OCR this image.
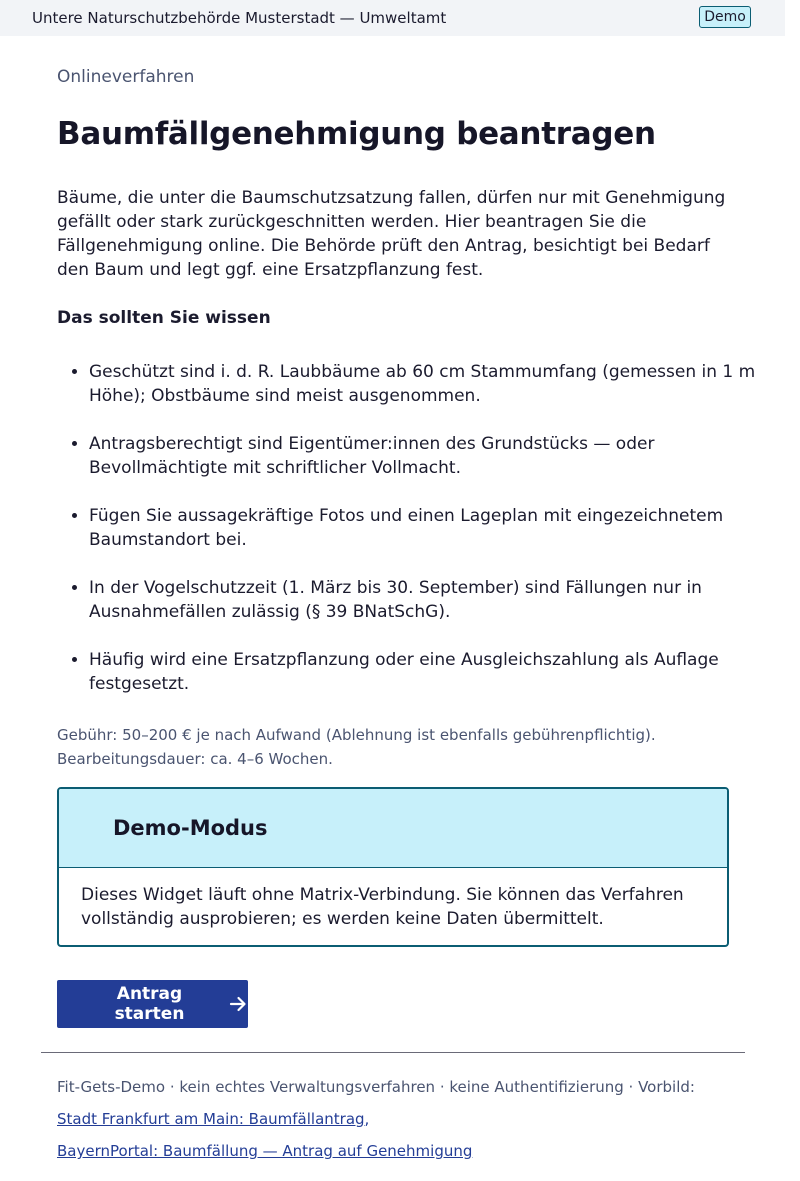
Untere Naturschutzbehörde Musterstadt — Umweltamt	Demo
Onlineverfahren
Baumfällgenehmigung beantragen

Bäume, die unter die Baumschutzsatzung fallen, dürfen nur mit Genehmigung gefällt oder stark zurückgeschnitten werden. Hier beantragen Sie die Fällgenehmigung online. Die Behörde prüft den Antrag, besichtigt bei Bedarf den Baum und legt ggf. eine Ersatzpflanzung fest.

Das sollten Sie wissen
• Geschützt sind i. d. R. Laubbäume ab 60 cm Stammumfang (gemessen in 1 m Höhe); Obstbäume sind meist ausgenommen.
• Antragsberechtigt sind Eigentümer:innen des Grundstücks — oder Bevollmächtigte mit schriftlicher Vollmacht.
• Fügen Sie aussagekräftige Fotos und einen Lageplan mit eingezeichnetem Baumstandort bei.
• In der Vogelschutzzeit (1. März bis 30. September) sind Fällungen nur in Ausnahmefällen zulässig (§ 39 BNatSchG).
• Häufig wird eine Ersatzpflanzung oder eine Ausgleichszahlung als Auflage festgesetzt.
Gebühr: 50–200 € je nach Aufwand (Ablehnung ist ebenfalls gebührenpflichtig).
Bearbeitungsdauer: ca. 4–6 Wochen.
Demo-Modus
Dieses Widget läuft ohne Matrix-Verbindung. Sie können das Verfahren vollständig ausprobieren; es werden keine Daten übermittelt.
Antrag starten
Fit-Gets-Demo · kein echtes Verwaltungsverfahren · keine Authentifizierung · Vorbild:
Stadt Frankfurt am Main: Baumfällantrag ,
BayernPortal: Baumfällung — Antrag auf Genehmigung
